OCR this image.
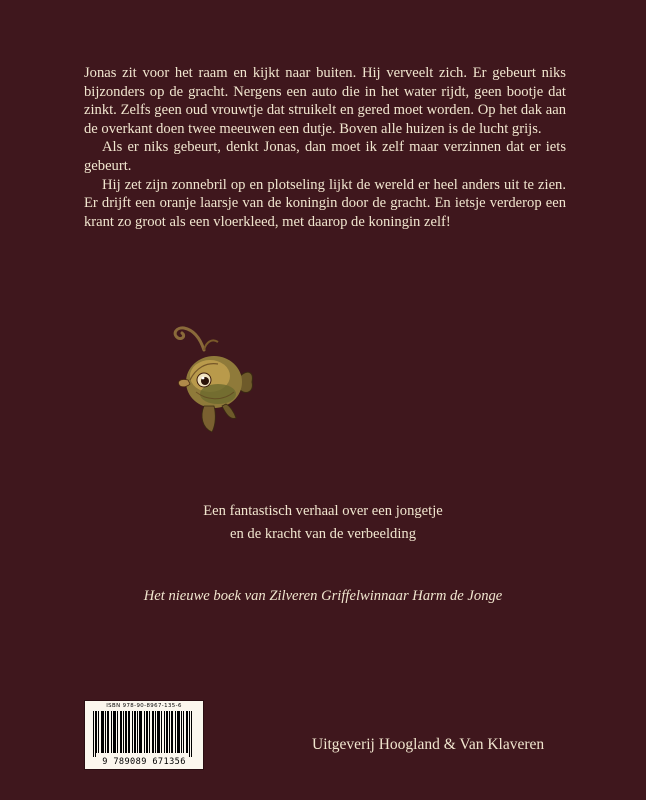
Jonas zit voor het raam en kijkt naar buiten. Hij verveelt zich. Er gebeurt niks bijzonders op de gracht. Nergens een auto die in het water rijdt, geen bootje dat zinkt. Zelfs geen oud vrouwtje dat struikelt en gered moet worden. Op het dak aan de overkant doen twee meeuwen een dutje. Boven alle huizen is de lucht grijs.

Als er niks gebeurt, denkt Jonas, dan moet ik zelf maar verzinnen dat er iets gebeurt.

Hij zet zijn zonnebril op en plotseling lijkt de wereld er heel anders uit te zien. Er drijft een oranje laarsje van de koningin door de gracht. En ietsje verderop een krant zo groot als een vloerkleed, met daarop de koningin zelf!

Een fantastisch verhaal over een jongetje
en de kracht van de verbeelding
Het nieuwe boek van Zilveren Griffelwinnaar Harm de Jonge
ISBN 978-90-8967-135-6
9 789089 671356
Uitgeverij Hoogland & Van Klaveren
